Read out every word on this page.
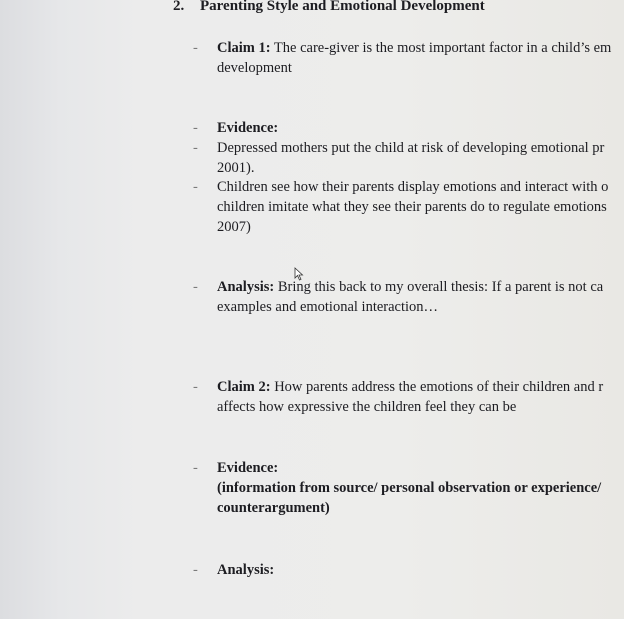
2. Parenting Style and Emotional Development
- Claim 1: The care-giver is the most important factor in a child’s em
development
- Evidence:
- Depressed mothers put the child at risk of developing emotional pr
2001).
- Children see how their parents display emotions and interact with o
children imitate what they see their parents do to regulate emotions
2007)
- Analysis: Bring this back to my overall thesis: If a parent is not ca
examples and emotional interaction…
- Claim 2: How parents address the emotions of their children and r
affects how expressive the children feel they can be
- Evidence:
(information from source/ personal observation or experience/
counterargument)
- Analysis:
